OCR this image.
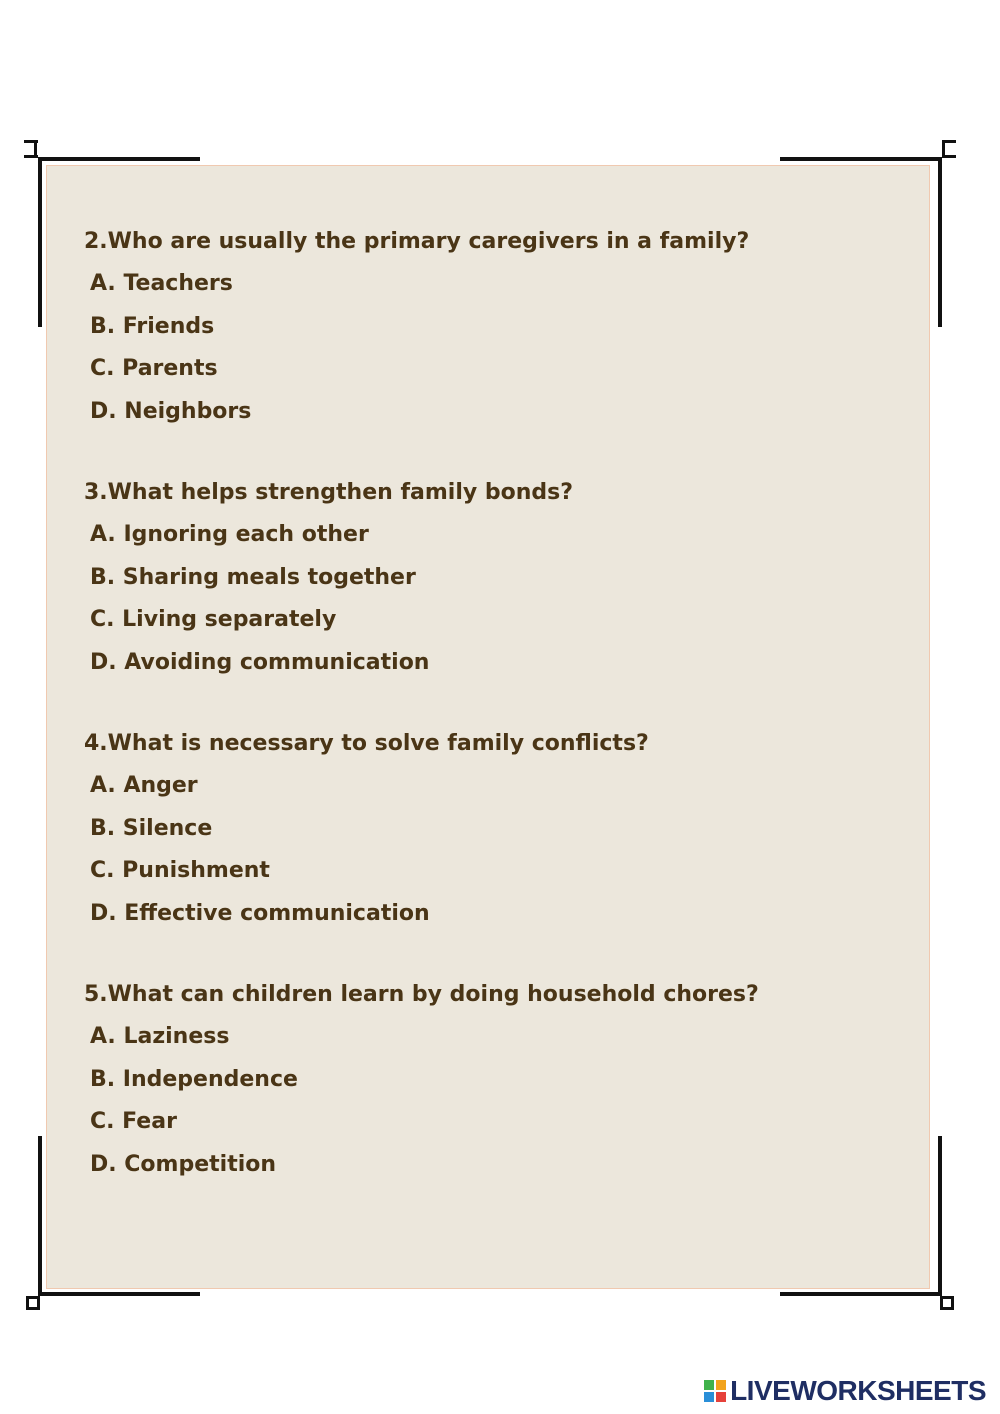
2.Who are usually the primary caregivers in a family?
A. Teachers
B. Friends
C. Parents
D. Neighbors
3.What helps strengthen family bonds?
A. Ignoring each other
B. Sharing meals together
C. Living separately
D. Avoiding communication
4.What is necessary to solve family conflicts?
A. Anger
B. Silence
C. Punishment
D. Effective communication
5.What can children learn by doing household chores?
A. Laziness
B. Independence
C. Fear
D. Competition
LIVEWORKSHEETS
